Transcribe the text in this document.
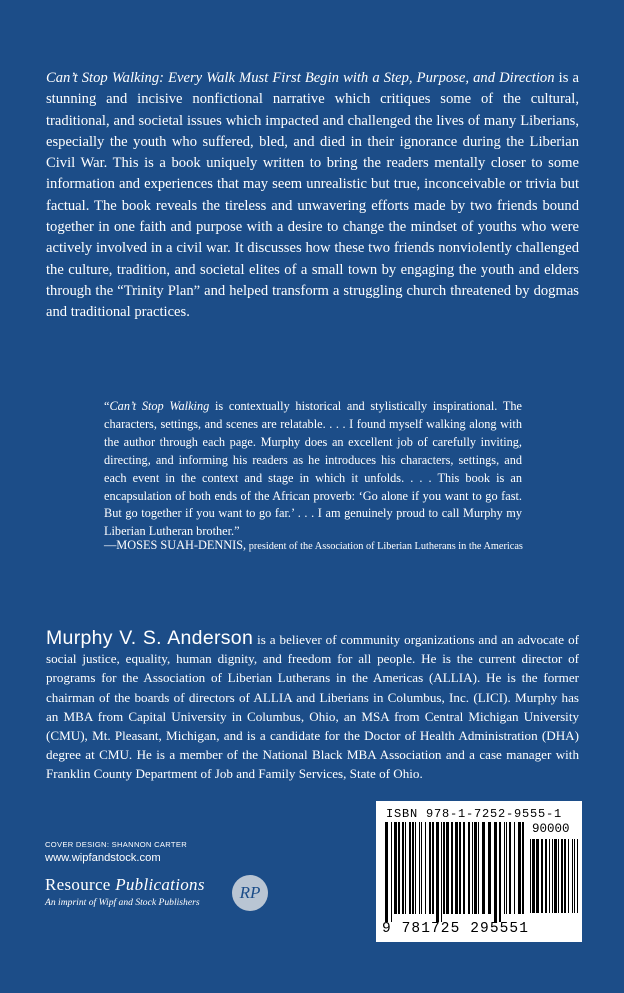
Can’t Stop Walking: Every Walk Must First Begin with a Step, Purpose, and Direction is a stunning and incisive nonfictional narrative which critiques some of the cultural, traditional, and societal issues which impacted and challenged the lives of many Liberians, especially the youth who suffered, bled, and died in their ignorance during the Liberian Civil War. This is a book uniquely written to bring the readers mentally closer to some information and experiences that may seem unrealistic but true, inconceivable or trivia but factual. The book reveals the tireless and unwavering efforts made by two friends bound together in one faith and purpose with a desire to change the mindset of youths who were actively involved in a civil war. It discusses how these two friends nonviolently challenged the culture, tradition, and societal elites of a small town by engaging the youth and elders through the “Trinity Plan” and helped transform a struggling church threatened by dogmas and traditional practices.
“Can’t Stop Walking is contextually historical and stylistically inspirational. The characters, settings, and scenes are relatable. . . . I found myself walking along with the author through each page. Murphy does an excellent job of carefully inviting, directing, and informing his readers as he introduces his characters, settings, and each event in the context and stage in which it unfolds. . . . This book is an encapsulation of both ends of the African proverb: ‘Go alone if you want to go fast. But go together if you want to go far.’ . . . I am genuinely proud to call Murphy my Liberian Lutheran brother.”
—MOSES SUAH-DENNIS, president of the Association of Liberian Lutherans in the Americas
Murphy V. S. Anderson is a believer of community organizations and an advocate of social justice, equality, human dignity, and freedom for all people. He is the current director of programs for the Association of Liberian Lutherans in the Americas (ALLIA). He is the former chairman of the boards of directors of ALLIA and Liberians in Columbus, Inc. (LICI). Murphy has an MBA from Capital University in Columbus, Ohio, an MSA from Central Michigan University (CMU), Mt. Pleasant, Michigan, and is a candidate for the Doctor of Health Administration (DHA) degree at CMU. He is a member of the National Black MBA Association and a case manager with Franklin County Department of Job and Family Services, State of Ohio.
COVER DESIGN: SHANNON CARTER
www.wipfandstock.com
Resource Publications
An imprint of Wipf and Stock Publishers
RP
ISBN 978-1-7252-9555-1
90000
9 781725 295551
